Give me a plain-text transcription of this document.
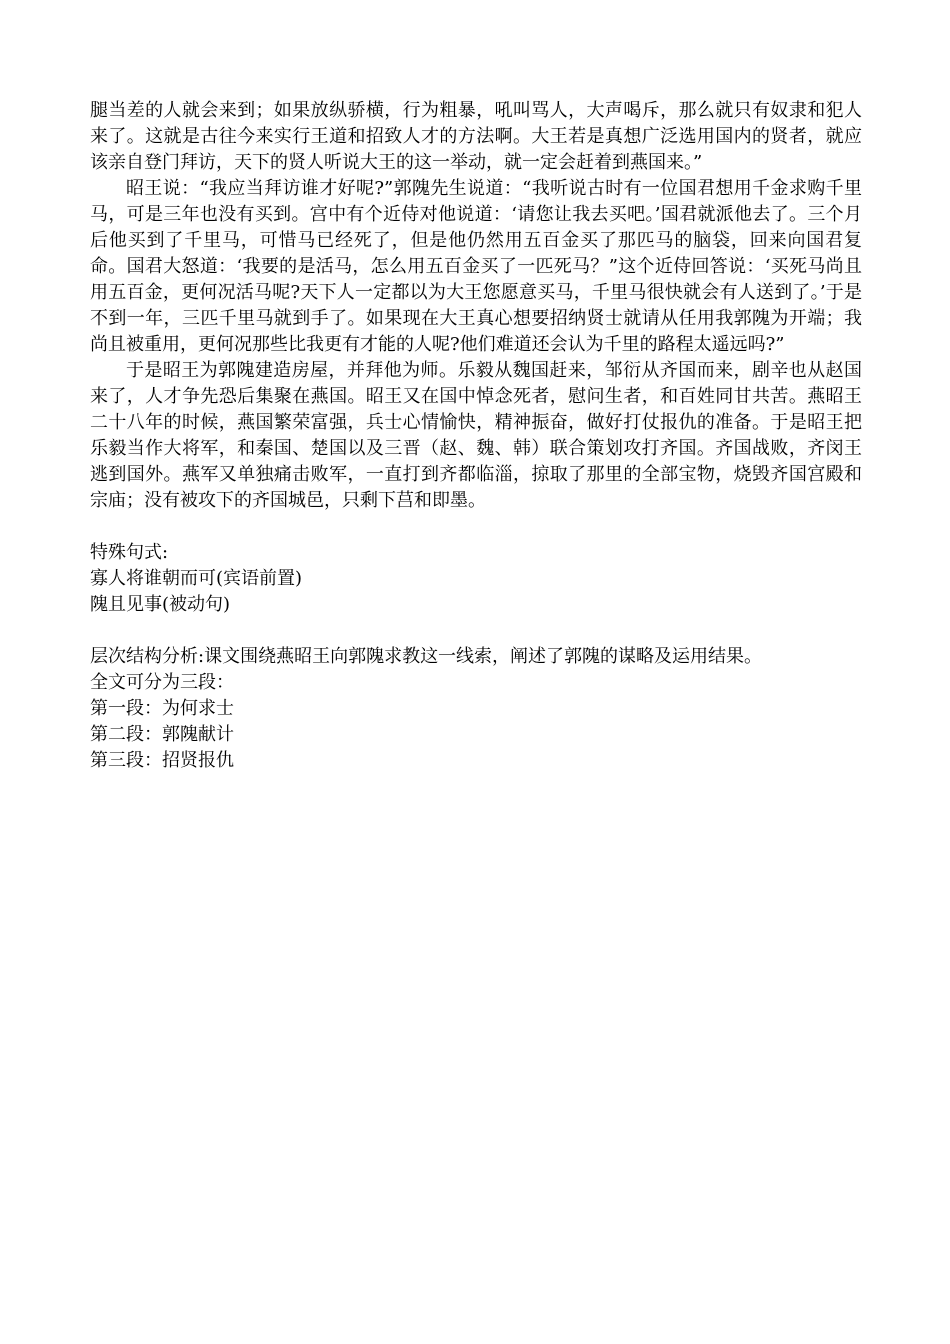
腿当差的人就会来到；如果放纵骄横，行为粗暴，吼叫骂人，大声喝斥，那么就只有奴隶和犯人来了。这就是古往今来实行王道和招致人才的方法啊。大王若是真想广泛选用国内的贤者，就应该亲自登门拜访，天下的贤人听说大王的这一举动，就一定会赶着到燕国来。”

昭王说：“我应当拜访谁才好呢?”郭隗先生说道：“我听说古时有一位国君想用千金求购千里马，可是三年也没有买到。宫中有个近侍对他说道：‘请您让我去买吧。’国君就派他去了。三个月后他买到了千里马，可惜马已经死了，但是他仍然用五百金买了那匹马的脑袋，回来向国君复命。国君大怒道：‘我要的是活马，怎么用五百金买了一匹死马？”这个近侍回答说：‘买死马尚且用五百金，更何况活马呢?天下人一定都以为大王您愿意买马，千里马很快就会有人送到了。’于是不到一年，三匹千里马就到手了。如果现在大王真心想要招纳贤士就请从任用我郭隗为开端；我尚且被重用，更何况那些比我更有才能的人呢?他们难道还会认为千里的路程太遥远吗?”

于是昭王为郭隗建造房屋，并拜他为师。乐毅从魏国赶来，邹衍从齐国而来，剧辛也从赵国来了，人才争先恐后集聚在燕国。昭王又在国中悼念死者，慰问生者，和百姓同甘共苦。燕昭王二十八年的时候，燕国繁荣富强，兵士心情愉快，精神振奋，做好打仗报仇的准备。于是昭王把乐毅当作大将军，和秦国、楚国以及三晋（赵、魏、韩）联合策划攻打齐国。齐国战败，齐闵王逃到国外。燕军又单独痛击败军，一直打到齐都临淄，掠取了那里的全部宝物，烧毁齐国宫殿和宗庙；没有被攻下的齐国城邑，只剩下莒和即墨。

特殊句式:

寡人将谁朝而可(宾语前置)

隗且见事(被动句)

层次结构分析:课文围绕燕昭王向郭隗求教这一线索，阐述了郭隗的谋略及运用结果。

全文可分为三段：

第一段：为何求士

第二段：郭隗献计

第三段：招贤报仇
